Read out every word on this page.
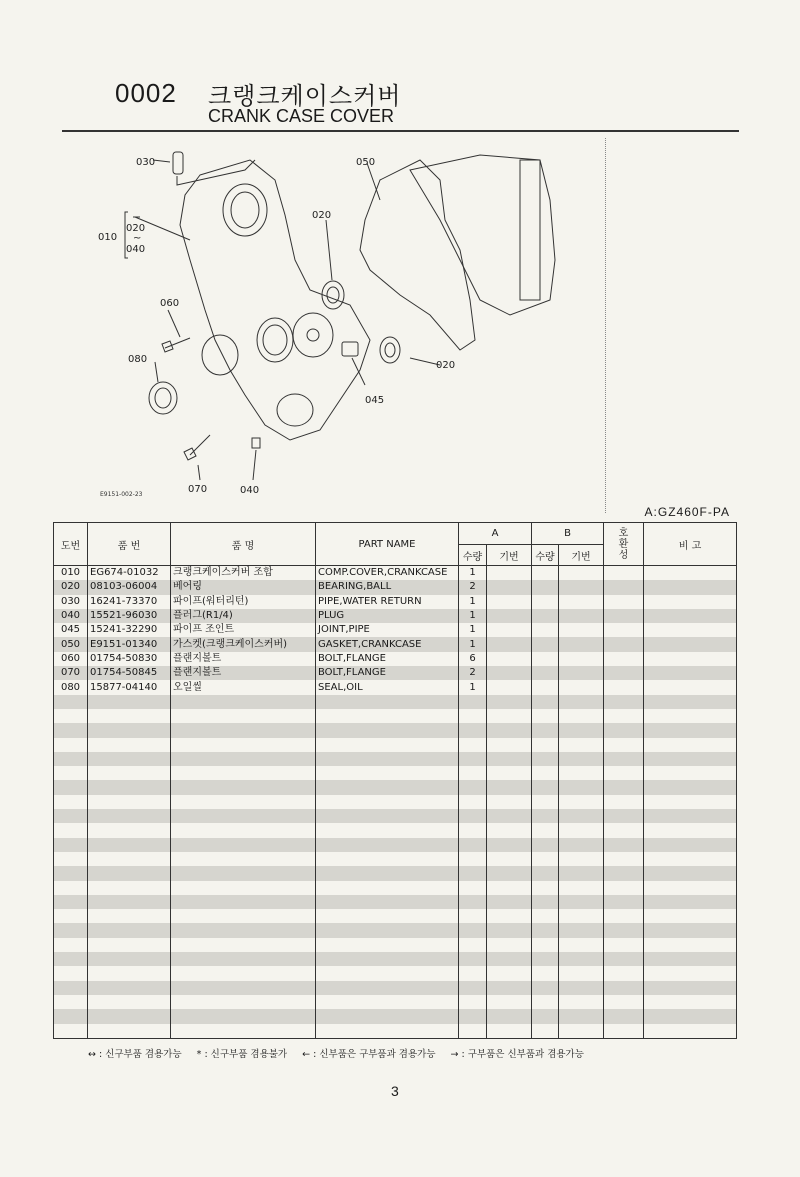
0002 크랭크케이스커버
CRANK CASE COVER
030	050
020
010
020
~
040
060
080
045
020
070	040
E9151-002-23
A:GZ460F-PA
도번	품 번	품 명	PART NAME	A		B		호환성	비 고
				수량	기번	수량	기번		
010	EG674-01032	크랭크케이스커버 조합	COMP.COVER,CRANKCASE	1					
020	08103-06004	베어링	BEARING,BALL	2					
030	16241-73370	파이프(워터리턴)	PIPE,WATER RETURN	1					
040	15521-96030	플러그(R1/4)	PLUG	1					
045	15241-32290	파이프 조인트	JOINT,PIPE	1					
050	E9151-01340	가스켓(크랭크케이스커버)	GASKET,CRANKCASE	1					
060	01754-50830	플랜지볼트	BOLT,FLANGE	6					
070	01754-50845	플랜지볼트	BOLT,FLANGE	2					
080	15877-04140	오일씰	SEAL,OIL	1					

↔ : 신구부품 겸용가능 * : 신구부품 겸용불가 ← : 신부품은 구부품과 겸용가능 → : 구부품은 신부품과 겸용가능
3
